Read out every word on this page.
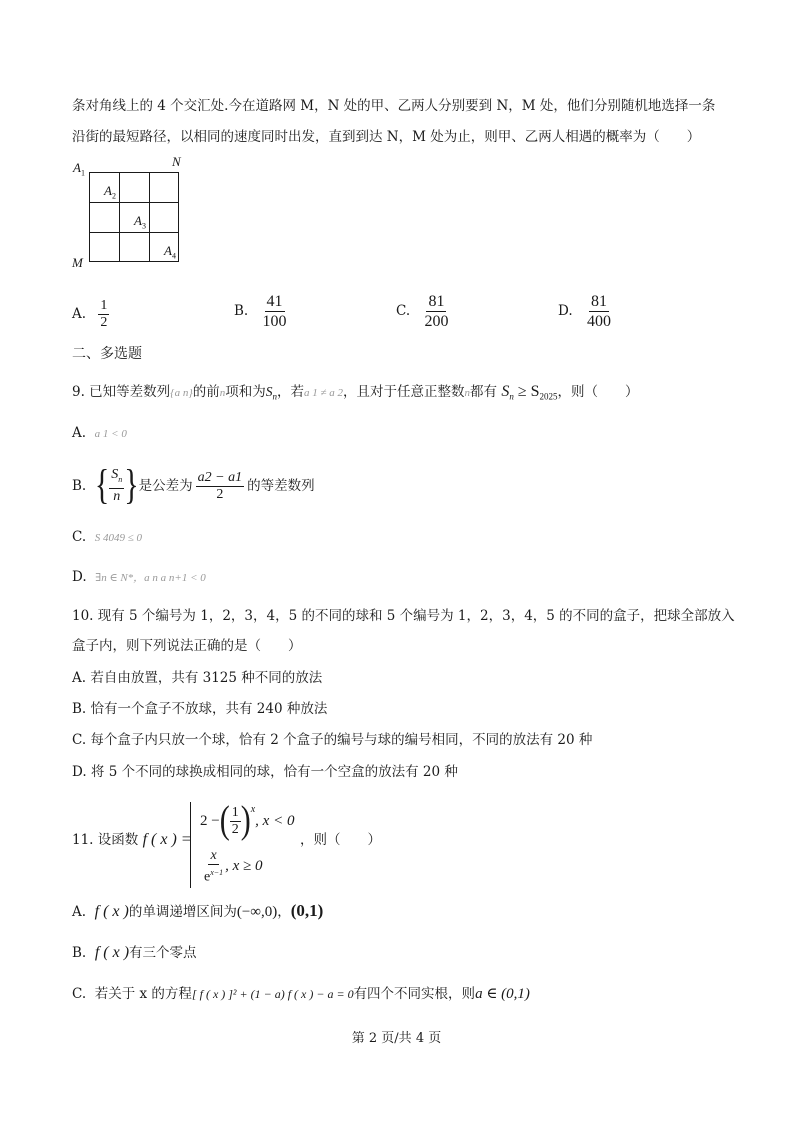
条对角线上的 4 个交汇处.今在道路网 M，N 处的甲、乙两人分别要到 N，M 处，他们分别随机地选择一条
沿街的最短路径，以相同的速度同时出发，直到到达 N，M 处为止，则甲、乙两人相遇的概率为（　　）
$A_1$
N
M
$A_2$
$A_3$
$A_4$
A. $\frac{1}{2}$	B. $\frac{41}{100}$	C. $\frac{81}{200}$	D. $\frac{81}{400}$
二、多选题
9. 已知等差数列{a n}的前n项和为$S_n$，若a 1 ≠ a 2，且对于任意正整数n都有 $S_n \ge S_{2025}$，则（　　）
A. a 1 < 0
B.
{ $\frac{S_n}{n}$ } 是公差为 $\frac{a2 - a1}{2}$ 的等差数列
C. S 4049 ≤ 0
D. ∃n ∈ N*，a n a n+1 < 0
10. 现有 5 个编号为 1，2，3，4，5 的不同的球和 5 个编号为 1，2，3，4，5 的不同的盒子，把球全部放入
盒子内，则下列说法正确的是（　　）
A. 若自由放置，共有 3125 种不同的放法
B. 恰有一个盒子不放球，共有 240 种放法
C. 每个盒子内只放一个球，恰有 2 个盒子的编号与球的编号相同，不同的放法有 20 种
D. 将 5 个不同的球换成相同的球，恰有一个空盒的放法有 20 种
11. 设函数 f ( x ) =
2 − ( $\frac{1}{2} )^x$
, x < 0
$\frac{x}{e^{x-1}}$ , x ≥ 0
，则（　　）
A. f ( x )的单调递增区间为(−∞,0)，(0,1)
B. f ( x )有三个零点
C. 若关于 x 的方程[ f ( x ) ]² + (1 − a) f ( x ) − a = 0有四个不同实根，则a ∈ (0,1)
第 2 页/共 4 页
